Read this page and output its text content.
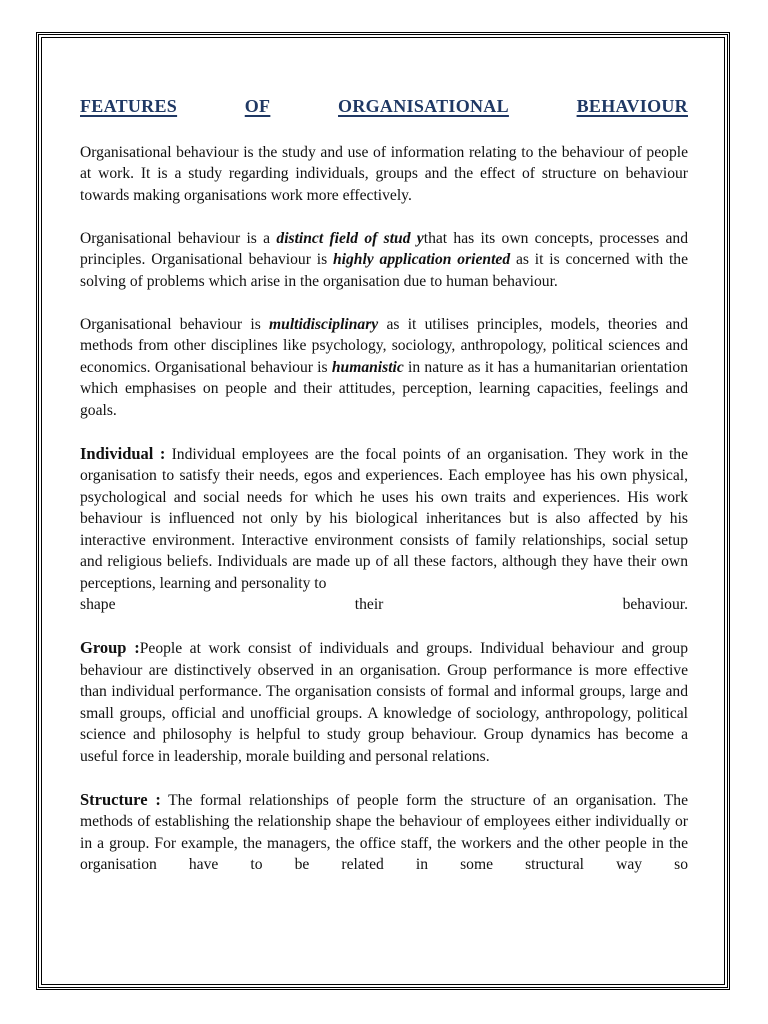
FEATURES	OF	ORGANISATIONAL	BEHAVIOUR

Organisational behaviour is the study and use of information relating to the behaviour of people at work. It is a study regarding individuals, groups and the effect of structure on behaviour towards making organisations work more effectively.

Organisational behaviour is a distinct field of stud ythat has its own concepts, processes and principles. Organisational behaviour is highly application oriented as it is concerned with the solving of problems which arise in the organisation due to human behaviour.

Organisational behaviour is multidisciplinary as it utilises principles, models, theories and methods from other disciplines like psychology, sociology, anthropology, political sciences and economics. Organisational behaviour is humanistic in nature as it has a humanitarian orientation which emphasises on people and their attitudes, perception, learning capacities, feelings and goals.

Individual : Individual employees are the focal points of an organisation. They work in the organisation to satisfy their needs, egos and experiences. Each employee has his own physical, psychological and social needs for which he uses his own traits and experiences. His work behaviour is influenced not only by his biological inheritances but is also affected by his interactive environment. Interactive environment consists of family relationships, social setup and religious beliefs. Individuals are made up of all these factors, although they have their own perceptions, learning and personality to

shape	their	behaviour.

Group :People at work consist of individuals and groups. Individual behaviour and group behaviour are distinctively observed in an organisation. Group performance is more effective than individual performance. The organisation consists of formal and informal groups, large and small groups, official and unofficial groups. A knowledge of sociology, anthropology, political science and philosophy is helpful to study group behaviour. Group dynamics has become a useful force in leadership, morale building and personal relations.

Structure : The formal relationships of people form the structure of an organisation. The methods of establishing the relationship shape the behaviour of employees either individually or in a group. For example, the managers, the office staff, the workers and the other people in the organisation have to be related in some structural way so
